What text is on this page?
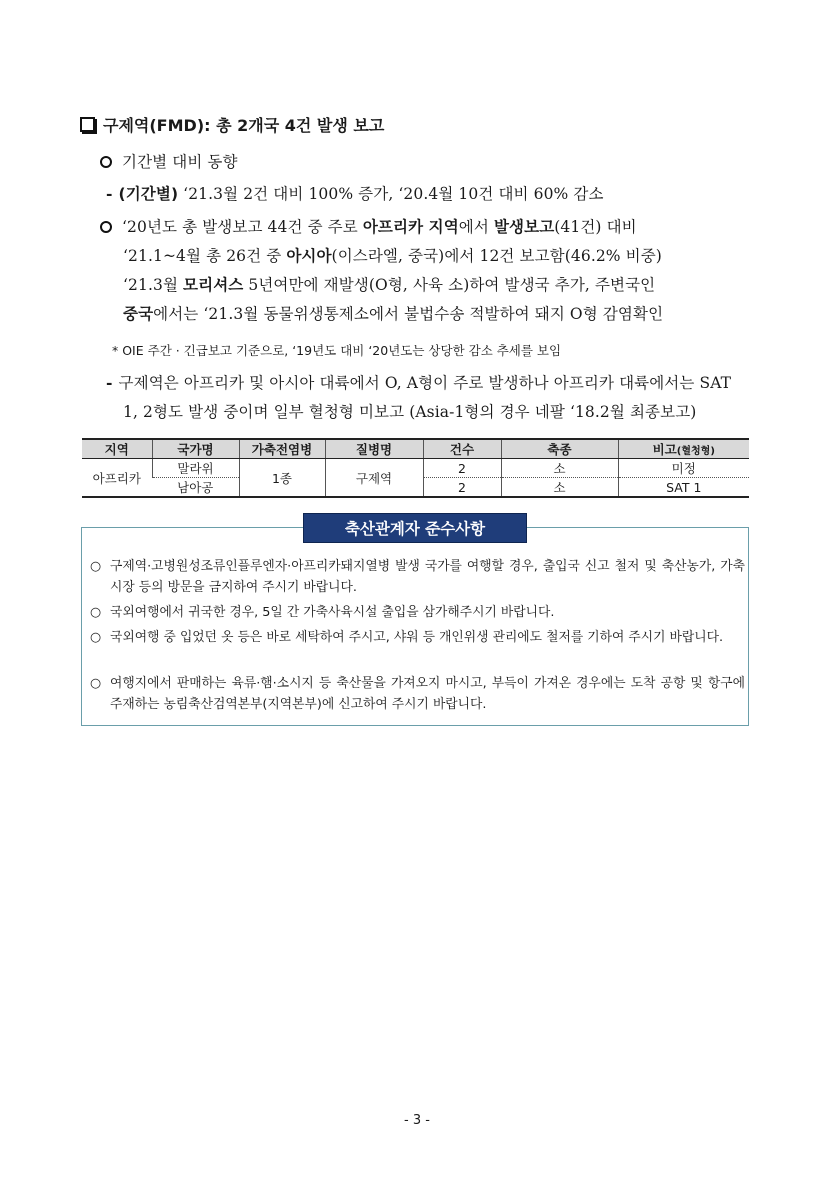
구제역(FMD): 총 2개국 4건 발생 보고
기간별 대비 동향
- (기간별) ‘21.3월 2건 대비 100% 증가, ‘20.4월 10건 대비 60% 감소
‘20년도 총 발생보고 44건 중 주로 아프리카 지역에서 발생보고(41건) 대비
‘21.1~4월 총 26건 중 아시아(이스라엘, 중국)에서 12건 보고함(46.2% 비중)
‘21.3월 모리셔스 5년여만에 재발생(O형, 사육 소)하여 발생국 추가, 주변국인
중국에서는 ‘21.3월 동물위생통제소에서 불법수송 적발하여 돼지 O형 감염확인
* OIE 주간 · 긴급보고 기준으로, ‘19년도 대비 ‘20년도는 상당한 감소 추세를 보임
- 구제역은 아프리카 및 아시아 대륙에서 O, A형이 주로 발생하나 아프리카 대륙에서는 SAT
1, 2형도 발생 중이며 일부 혈청형 미보고 (Asia-1형의 경우 네팔 ‘18.2월 최종보고)
지역	국가명	가축전염병	질병명	건수	축종	비고(혈청형)
아프리카	말라위	1종	구제역	2	소	미정
	남아공			2	소	SAT 1
축산관계자 준수사항
○ 구제역·고병원성조류인플루엔자·아프리카돼지열병 발생 국가를 여행할 경우, 출입국 신고 철저 및 축산농가, 가축시장 등의 방문을 금지하여 주시기 바랍니다.
○ 국외여행에서 귀국한 경우, 5일 간 가축사육시설 출입을 삼가해주시기 바랍니다.
○ 국외여행 중 입었던 옷 등은 바로 세탁하여 주시고, 샤워 등 개인위생 관리에도 철저를 기하여 주시기 바랍니다.
○ 여행지에서 판매하는 육류·햄·소시지 등 축산물을 가져오지 마시고, 부득이 가져온 경우에는 도착 공항 및 항구에 주재하는 농림축산검역본부(지역본부)에 신고하여 주시기 바랍니다.
- 3 -
